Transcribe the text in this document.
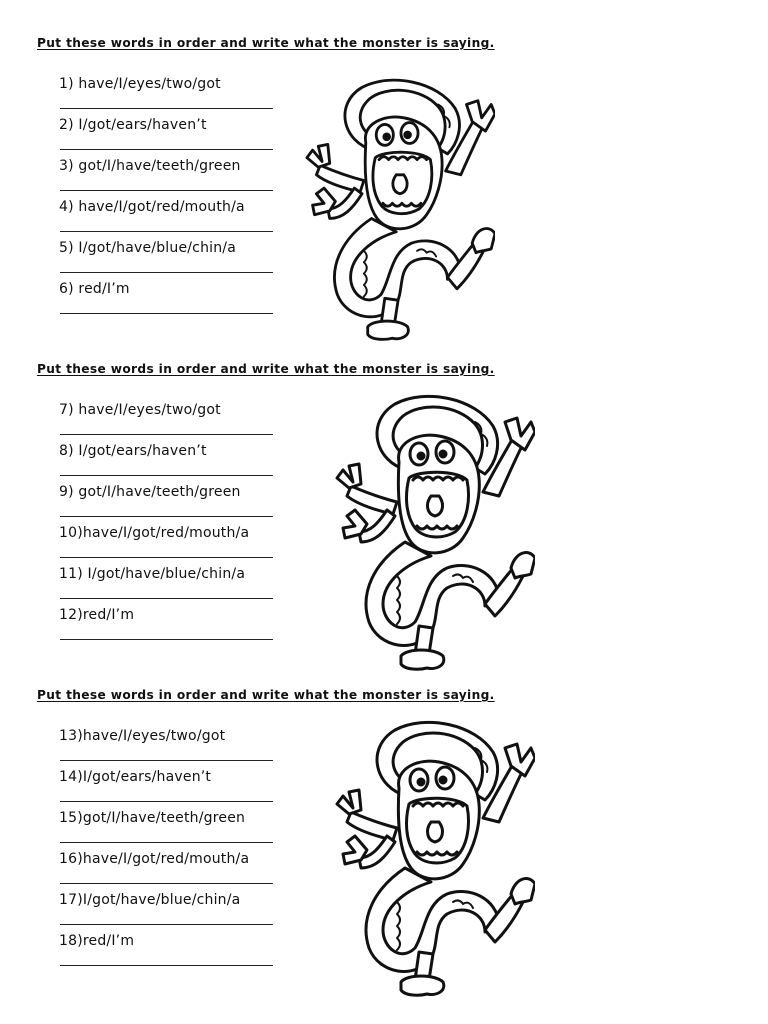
Put these words in order and write what the monster is saying.
1) have/I/eyes/two/got
2) I/got/ears/haven’t
3) got/I/have/teeth/green
4) have/I/got/red/mouth/a
5) I/got/have/blue/chin/a
6) red/I’m
Put these words in order and write what the monster is saying.
7) have/I/eyes/two/got
8) I/got/ears/haven’t
9) got/I/have/teeth/green
10)have/I/got/red/mouth/a
11) I/got/have/blue/chin/a
12)red/I’m
Put these words in order and write what the monster is saying.
13)have/I/eyes/two/got
14)I/got/ears/haven’t
15)got/I/have/teeth/green
16)have/I/got/red/mouth/a
17)I/got/have/blue/chin/a
18)red/I’m
